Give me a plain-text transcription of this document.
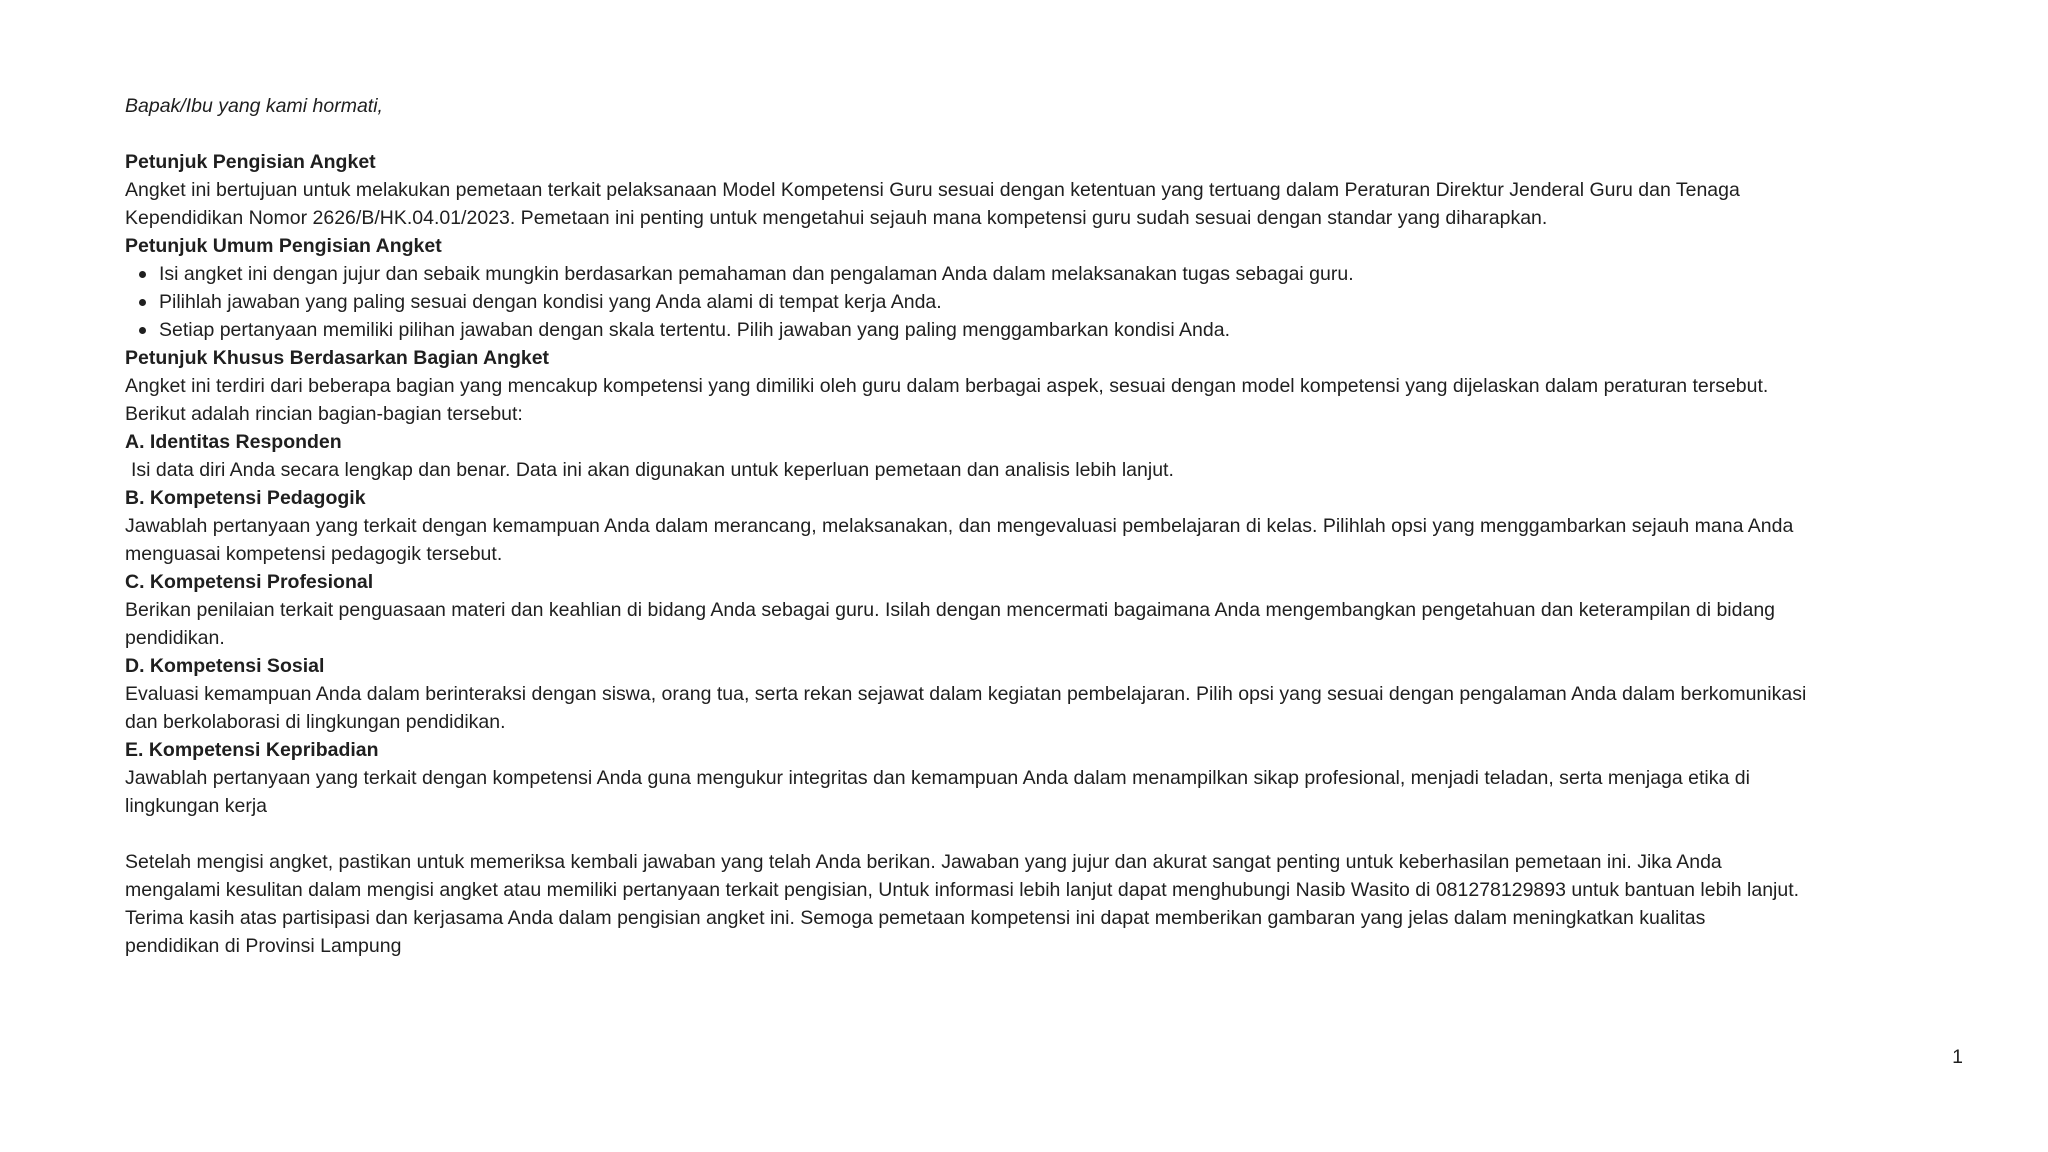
Bapak/Ibu yang kami hormati,

Petunjuk Pengisian Angket

Angket ini bertujuan untuk melakukan pemetaan terkait pelaksanaan Model Kompetensi Guru sesuai dengan ketentuan yang tertuang dalam Peraturan Direktur Jenderal Guru dan Tenaga

Kependidikan Nomor 2626/B/HK.04.01/2023. Pemetaan ini penting untuk mengetahui sejauh mana kompetensi guru sudah sesuai dengan standar yang diharapkan.

Petunjuk Umum Pengisian Angket

Isi angket ini dengan jujur dan sebaik mungkin berdasarkan pemahaman dan pengalaman Anda dalam melaksanakan tugas sebagai guru.
Pilihlah jawaban yang paling sesuai dengan kondisi yang Anda alami di tempat kerja Anda.
Setiap pertanyaan memiliki pilihan jawaban dengan skala tertentu. Pilih jawaban yang paling menggambarkan kondisi Anda.

Petunjuk Khusus Berdasarkan Bagian Angket

Angket ini terdiri dari beberapa bagian yang mencakup kompetensi yang dimiliki oleh guru dalam berbagai aspek, sesuai dengan model kompetensi yang dijelaskan dalam peraturan tersebut.

Berikut adalah rincian bagian-bagian tersebut:

A. Identitas Responden

Isi data diri Anda secara lengkap dan benar. Data ini akan digunakan untuk keperluan pemetaan dan analisis lebih lanjut.

B. Kompetensi Pedagogik

Jawablah pertanyaan yang terkait dengan kemampuan Anda dalam merancang, melaksanakan, dan mengevaluasi pembelajaran di kelas. Pilihlah opsi yang menggambarkan sejauh mana Anda

menguasai kompetensi pedagogik tersebut.

C. Kompetensi Profesional

Berikan penilaian terkait penguasaan materi dan keahlian di bidang Anda sebagai guru. Isilah dengan mencermati bagaimana Anda mengembangkan pengetahuan dan keterampilan di bidang

pendidikan.

D. Kompetensi Sosial

Evaluasi kemampuan Anda dalam berinteraksi dengan siswa, orang tua, serta rekan sejawat dalam kegiatan pembelajaran. Pilih opsi yang sesuai dengan pengalaman Anda dalam berkomunikasi

dan berkolaborasi di lingkungan pendidikan.

E. Kompetensi Kepribadian

Jawablah pertanyaan yang terkait dengan kompetensi Anda guna mengukur integritas dan kemampuan Anda dalam menampilkan sikap profesional, menjadi teladan, serta menjaga etika di

lingkungan kerja

Setelah mengisi angket, pastikan untuk memeriksa kembali jawaban yang telah Anda berikan. Jawaban yang jujur dan akurat sangat penting untuk keberhasilan pemetaan ini. Jika Anda

mengalami kesulitan dalam mengisi angket atau memiliki pertanyaan terkait pengisian, Untuk informasi lebih lanjut dapat menghubungi Nasib Wasito di 081278129893 untuk bantuan lebih lanjut.

Terima kasih atas partisipasi dan kerjasama Anda dalam pengisian angket ini. Semoga pemetaan kompetensi ini dapat memberikan gambaran yang jelas dalam meningkatkan kualitas

pendidikan di Provinsi Lampung

1
